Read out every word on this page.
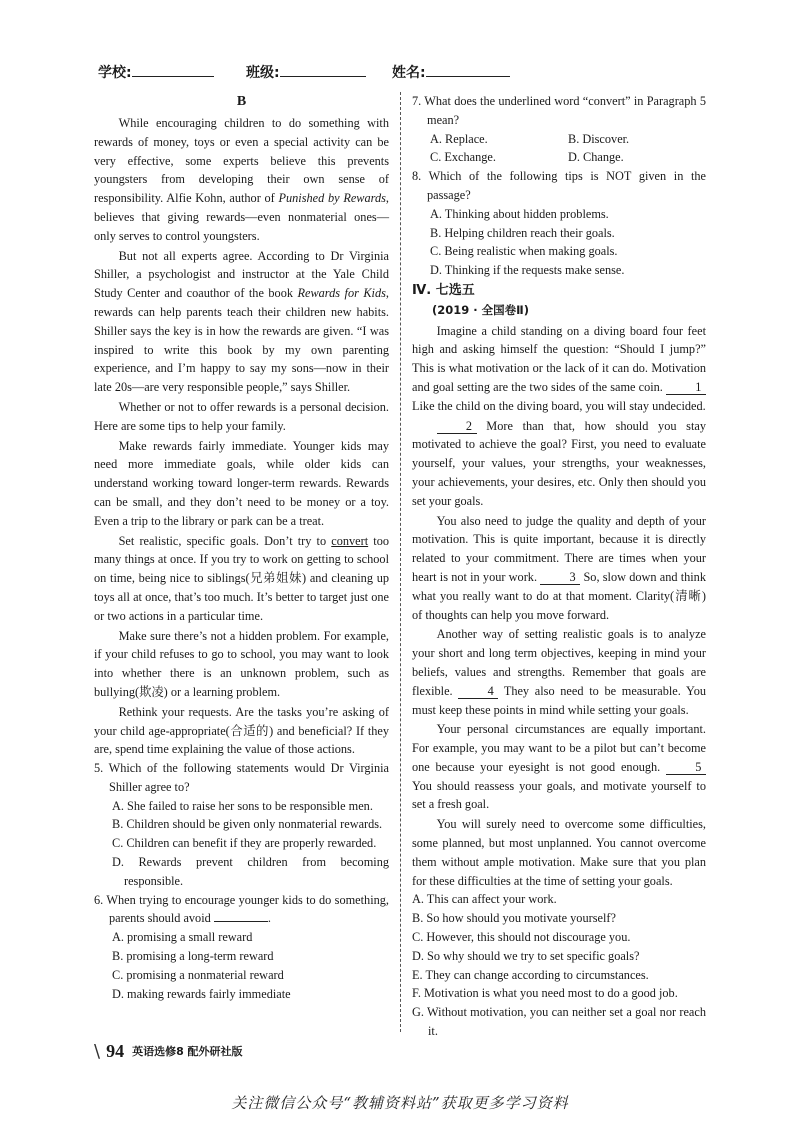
学校:	班级:	姓名:
B

While encouraging children to do something with rewards of money, toys or even a special activity can be very effective, some experts believe this prevents youngsters from developing their own sense of responsibility. Alfie Kohn, author of Punished by Rewards, believes that giving rewards—even nonmaterial ones—only serves to control youngsters.

But not all experts agree. According to Dr Virginia Shiller, a psychologist and instructor at the Yale Child Study Center and coauthor of the book Rewards for Kids, rewards can help parents teach their children new habits. Shiller says the key is in how the rewards are given. “I was inspired to write this book by my own parenting experience, and I’m happy to say my sons—now in their late 20s—are very responsible people,” says Shiller.

Whether or not to offer rewards is a personal decision. Here are some tips to help your family.

Make rewards fairly immediate. Younger kids may need more immediate goals, while older kids can understand working toward longer-term rewards. Rewards can be small, and they don’t need to be money or a toy. Even a trip to the library or park can be a treat.

Set realistic, specific goals. Don’t try to convert too many things at once. If you try to work on getting to school on time, being nice to siblings(兄弟姐妹) and cleaning up toys all at once, that’s too much. It’s better to target just one or two actions in a particular time.

Make sure there’s not a hidden problem. For example, if your child refuses to go to school, you may want to look into whether there is an unknown problem, such as bullying(欺凌) or a learning problem.

Rethink your requests. Are the tasks you’re asking of your child age-appropriate(合适的) and beneficial? If they are, spend time explaining the value of those actions.

5. Which of the following statements would Dr Virginia Shiller agree to?

A. She failed to raise her sons to be responsible men.

B. Children should be given only nonmaterial rewards.

C. Children can benefit if they are properly rewarded.

D. Rewards prevent children from becoming responsible.

6. When trying to encourage younger kids to do something, parents should avoid	.

A. promising a small reward

B. promising a long-term reward

C. promising a nonmaterial reward

D. making rewards fairly immediate

7. What does the underlined word “convert” in Paragraph 5 mean?

A. Replace.	B. Discover.

C. Exchange.	D. Change.

8. Which of the following tips is NOT given in the passage?

A. Thinking about hidden problems.

B. Helping children reach their goals.

C. Being realistic when making goals.

D. Thinking if the requests make sense.

Ⅳ. 七选五

(2019 · 全国卷Ⅱ)

Imagine a child standing on a diving board four feet high and asking himself the question: “Should I jump?” This is what motivation or the lack of it can do. Motivation and goal setting are the two sides of the same coin.	1 Like the child on the diving board, you will stay undecided.

2 More than that, how should you stay motivated to achieve the goal? First, you need to evaluate yourself, your values, your strengths, your weaknesses, your achievements, your desires, etc. Only then should you set your goals.

You also need to judge the quality and depth of your motivation. This is quite important, because it is directly related to your commitment. There are times when your heart is not in your work.	3 So, slow down and think what you really want to do at that moment. Clarity(清晰) of thoughts can help you move forward.

Another way of setting realistic goals is to analyze your short and long term objectives, keeping in mind your beliefs, values and strengths. Remember that goals are flexible.	4 They also need to be measurable. You must keep these points in mind while setting your goals.

Your personal circumstances are equally important. For example, you may want to be a pilot but can’t become one because your eyesight is not good enough.	5 You should reassess your goals, and motivate yourself to set a fresh goal.

You will surely need to overcome some difficulties, some planned, but most unplanned. You cannot overcome them without ample motivation. Make sure that you plan for these difficulties at the time of setting your goals.

A. This can affect your work.

B. So how should you motivate yourself?

C. However, this should not discourage you.

D. So why should we try to set specific goals?

E. They can change according to circumstances.

F. Motivation is what you need most to do a good job.

G. Without motivation, you can neither set a goal nor reach it.

\ 94 英语选修8 配外研社版
关注微信公众号“教辅资料站”获取更多学习资料
